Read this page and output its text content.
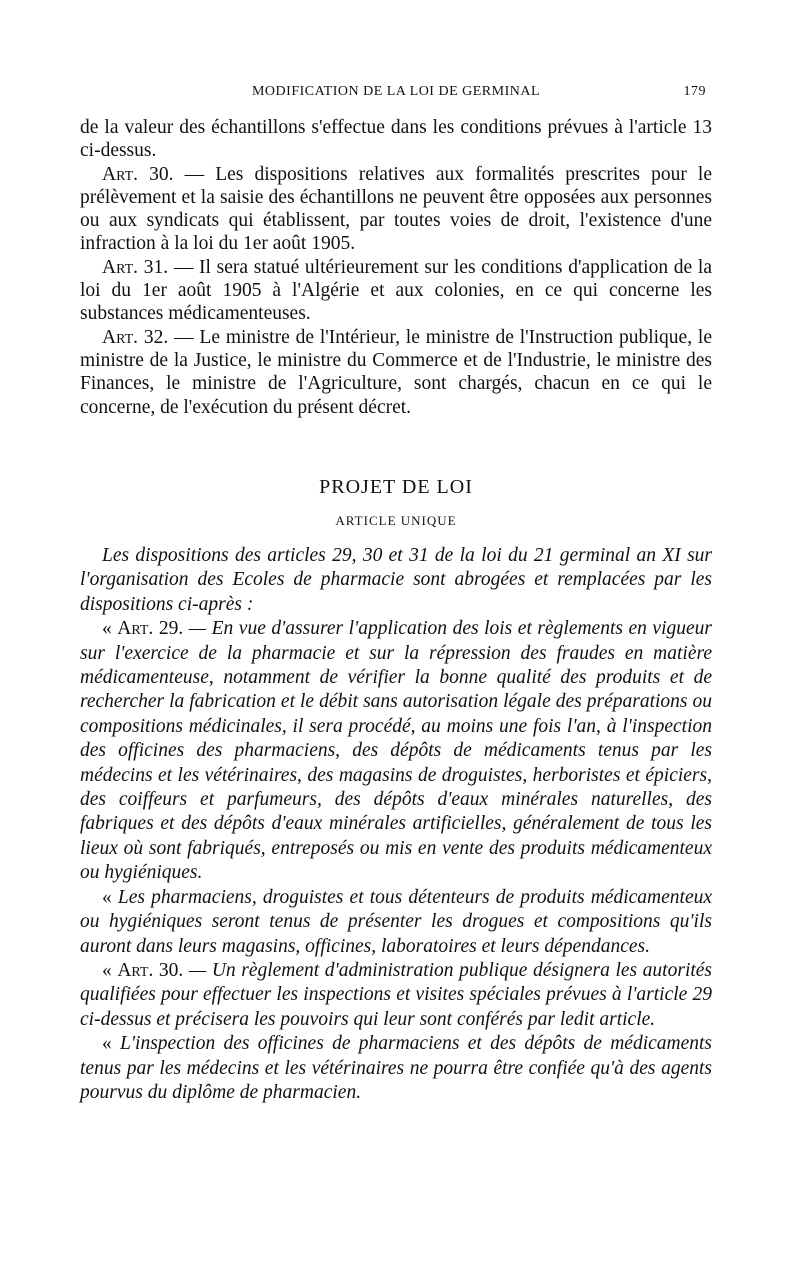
MODIFICATION DE LA LOI DE GERMINAL	179

de la valeur des échantillons s'effectue dans les conditions prévues à l'article 13 ci-dessus.

Art. 30. — Les dispositions relatives aux formalités prescrites pour le prélèvement et la saisie des échantillons ne peuvent être opposées aux personnes ou aux syndicats qui établissent, par toutes voies de droit, l'existence d'une infraction à la loi du 1er août 1905.

Art. 31. — Il sera statué ultérieurement sur les conditions d'application de la loi du 1er août 1905 à l'Algérie et aux colonies, en ce qui concerne les substances médicamenteuses.

Art. 32. — Le ministre de l'Intérieur, le ministre de l'Instruction publique, le ministre de la Justice, le ministre du Commerce et de l'Industrie, le ministre des Finances, le ministre de l'Agriculture, sont chargés, chacun en ce qui le concerne, de l'exécution du présent décret.

PROJET DE LOI
ARTICLE UNIQUE

Les dispositions des articles 29, 30 et 31 de la loi du 21 germinal an XI sur l'organisation des Ecoles de pharmacie sont abrogées et remplacées par les dispositions ci-après :

« Art. 29. — En vue d'assurer l'application des lois et règlements en vigueur sur l'exercice de la pharmacie et sur la répression des fraudes en matière médicamenteuse, notamment de vérifier la bonne qualité des produits et de rechercher la fabrication et le débit sans autorisation légale des préparations ou compositions médicinales, il sera procédé, au moins une fois l'an, à l'inspection des officines des pharmaciens, des dépôts de médicaments tenus par les médecins et les vétérinaires, des magasins de droguistes, herboristes et épiciers, des coiffeurs et parfumeurs, des dépôts d'eaux minérales naturelles, des fabriques et des dépôts d'eaux minérales artificielles, généralement de tous les lieux où sont fabriqués, entreposés ou mis en vente des produits médicamenteux ou hygiéniques.

« Les pharmaciens, droguistes et tous détenteurs de produits médicamenteux ou hygiéniques seront tenus de présenter les drogues et compositions qu'ils auront dans leurs magasins, officines, laboratoires et leurs dépendances.

« Art. 30. — Un règlement d'administration publique désignera les autorités qualifiées pour effectuer les inspections et visites spéciales prévues à l'article 29 ci-dessus et précisera les pouvoirs qui leur sont conférés par ledit article.

« L'inspection des officines de pharmaciens et des dépôts de médicaments tenus par les médecins et les vétérinaires ne pourra être confiée qu'à des agents pourvus du diplôme de pharmacien.
